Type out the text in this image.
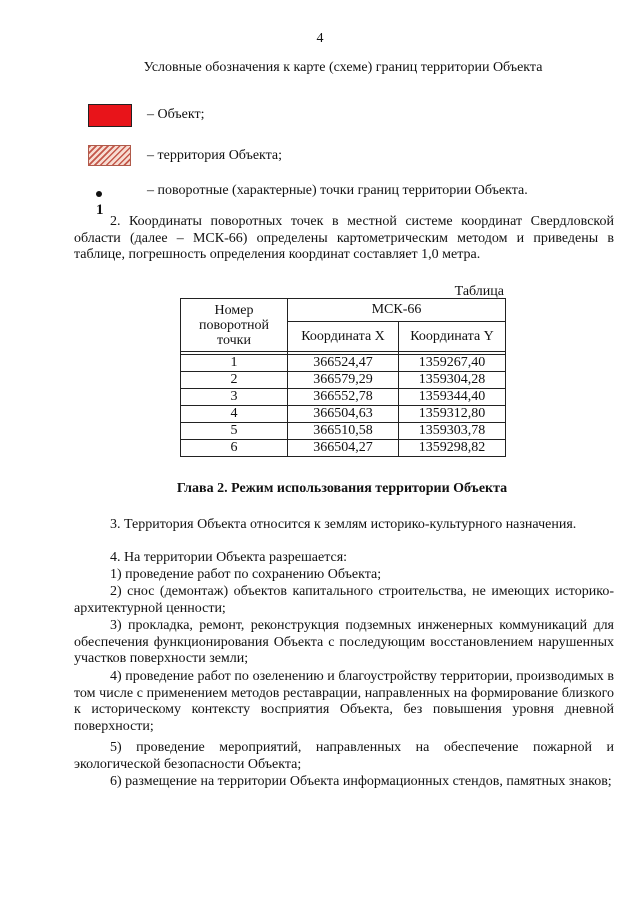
4
Условные обозначения к карте (схеме) границ территории Объекта
– Объект;
– территория Объекта;
1
– поворотные (характерные) точки границ территории Объекта.
2. Координаты поворотных точек в местной системе координат Свердловской области (далее – МСК-66) определены картометрическим методом и приведены в таблице, погрешность определения координат составляет 1,0 метра.
Таблица
Номер поворотной точки	МСК-66	
	Координата X	Координата Y

1	366524,47	1359267,40
2	366579,29	1359304,28
3	366552,78	1359344,40
4	366504,63	1359312,80
5	366510,58	1359303,78
6	366504,27	1359298,82
Глава 2. Режим использования территории Объекта
3. Территория Объекта относится к землям историко-культурного назначения.
4. На территории Объекта разрешается:
1) проведение работ по сохранению Объекта;
2) снос (демонтаж) объектов капитального строительства, не имеющих историко-архитектурной ценности;
3) прокладка, ремонт, реконструкция подземных инженерных коммуникаций для обеспечения функционирования Объекта с последующим восстановлением нарушенных участков поверхности земли;
4) проведение работ по озеленению и благоустройству территории, производимых в том числе с применением методов реставрации, направленных на формирование близкого к историческому контексту восприятия Объекта, без повышения уровня дневной поверхности;
5) проведение мероприятий, направленных на обеспечение пожарной и экологической безопасности Объекта;
6) размещение на территории Объекта информационных стендов, памятных знаков;
